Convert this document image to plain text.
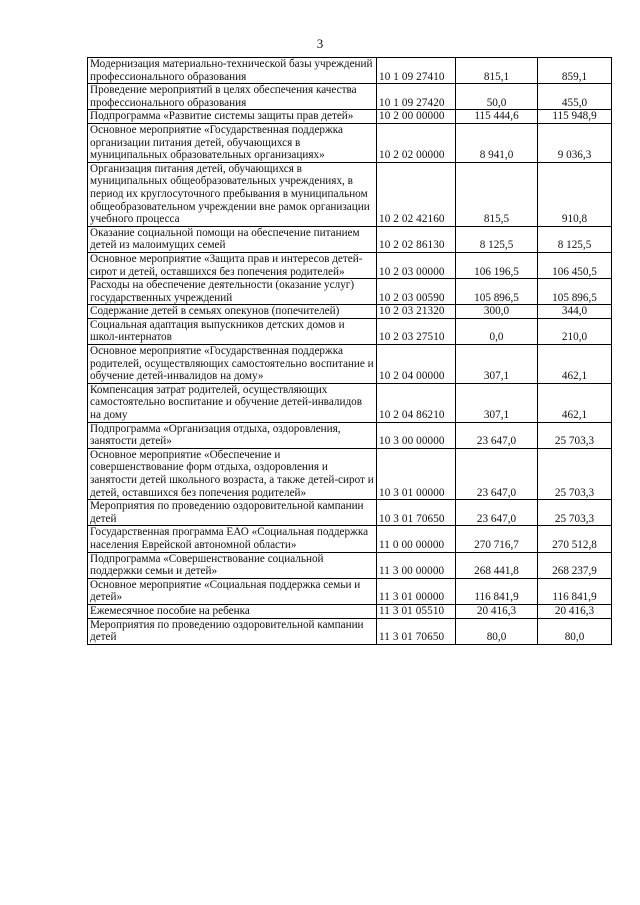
3
Модернизация материально-технической базы учреждений профессионального образования	10 1 09 27410	815,1	859,1
Проведение мероприятий в целях обеспечения качества профессионального образования	10 1 09 27420	50,0	455,0
Подпрограмма «Развитие системы защиты прав детей»	10 2 00 00000	115 444,6	115 948,9
Основное мероприятие «Государственная поддержка организации питания детей, обучающихся в муниципальных образовательных организациях»	10 2 02 00000	8 941,0	9 036,3
Организация питания детей, обучающихся в муниципальных общеобразовательных учреждениях, в период их круглосуточного пребывания в муниципальном общеобразовательном учреждении вне рамок организации учебного процесса	10 2 02 42160	815,5	910,8
Оказание социальной помощи на обеспечение питанием детей из малоимущих семей	10 2 02 86130	8 125,5	8 125,5
Основное мероприятие «Защита прав и интересов детей-сирот и детей, оставшихся без попечения родителей»	10 2 03 00000	106 196,5	106 450,5
Расходы на обеспечение деятельности (оказание услуг) государственных учреждений	10 2 03 00590	105 896,5	105 896,5
Содержание детей в семьях опекунов (попечителей)	10 2 03 21320	300,0	344,0
Социальная адаптация выпускников детских домов и школ-интернатов	10 2 03 27510	0,0	210,0
Основное мероприятие «Государственная поддержка родителей, осуществляющих самостоятельно воспитание и обучение детей-инвалидов на дому»	10 2 04 00000	307,1	462,1
Компенсация затрат родителей, осуществляющих самостоятельно воспитание и обучение детей-инвалидов на дому	10 2 04 86210	307,1	462,1
Подпрограмма «Организация отдыха, оздоровления, занятости детей»	10 3 00 00000	23 647,0	25 703,3
Основное мероприятие «Обеспечение и совершенствование форм отдыха, оздоровления и занятости детей школьного возраста, а также детей-сирот и детей, оставшихся без попечения родителей»	10 3 01 00000	23 647,0	25 703,3
Мероприятия по проведению оздоровительной кампании детей	10 3 01 70650	23 647,0	25 703,3
Государственная программа ЕАО «Социальная поддержка населения Еврейской автономной области»	11 0 00 00000	270 716,7	270 512,8
Подпрограмма «Совершенствование социальной поддержки семьи и детей»	11 3 00 00000	268 441,8	268 237,9
Основное мероприятие «Социальная поддержка семьи и детей»	11 3 01 00000	116 841,9	116 841,9
Ежемесячное пособие на ребенка	11 3 01 05510	20 416,3	20 416,3
Мероприятия по проведению оздоровительной кампании детей	11 3 01 70650	80,0	80,0
